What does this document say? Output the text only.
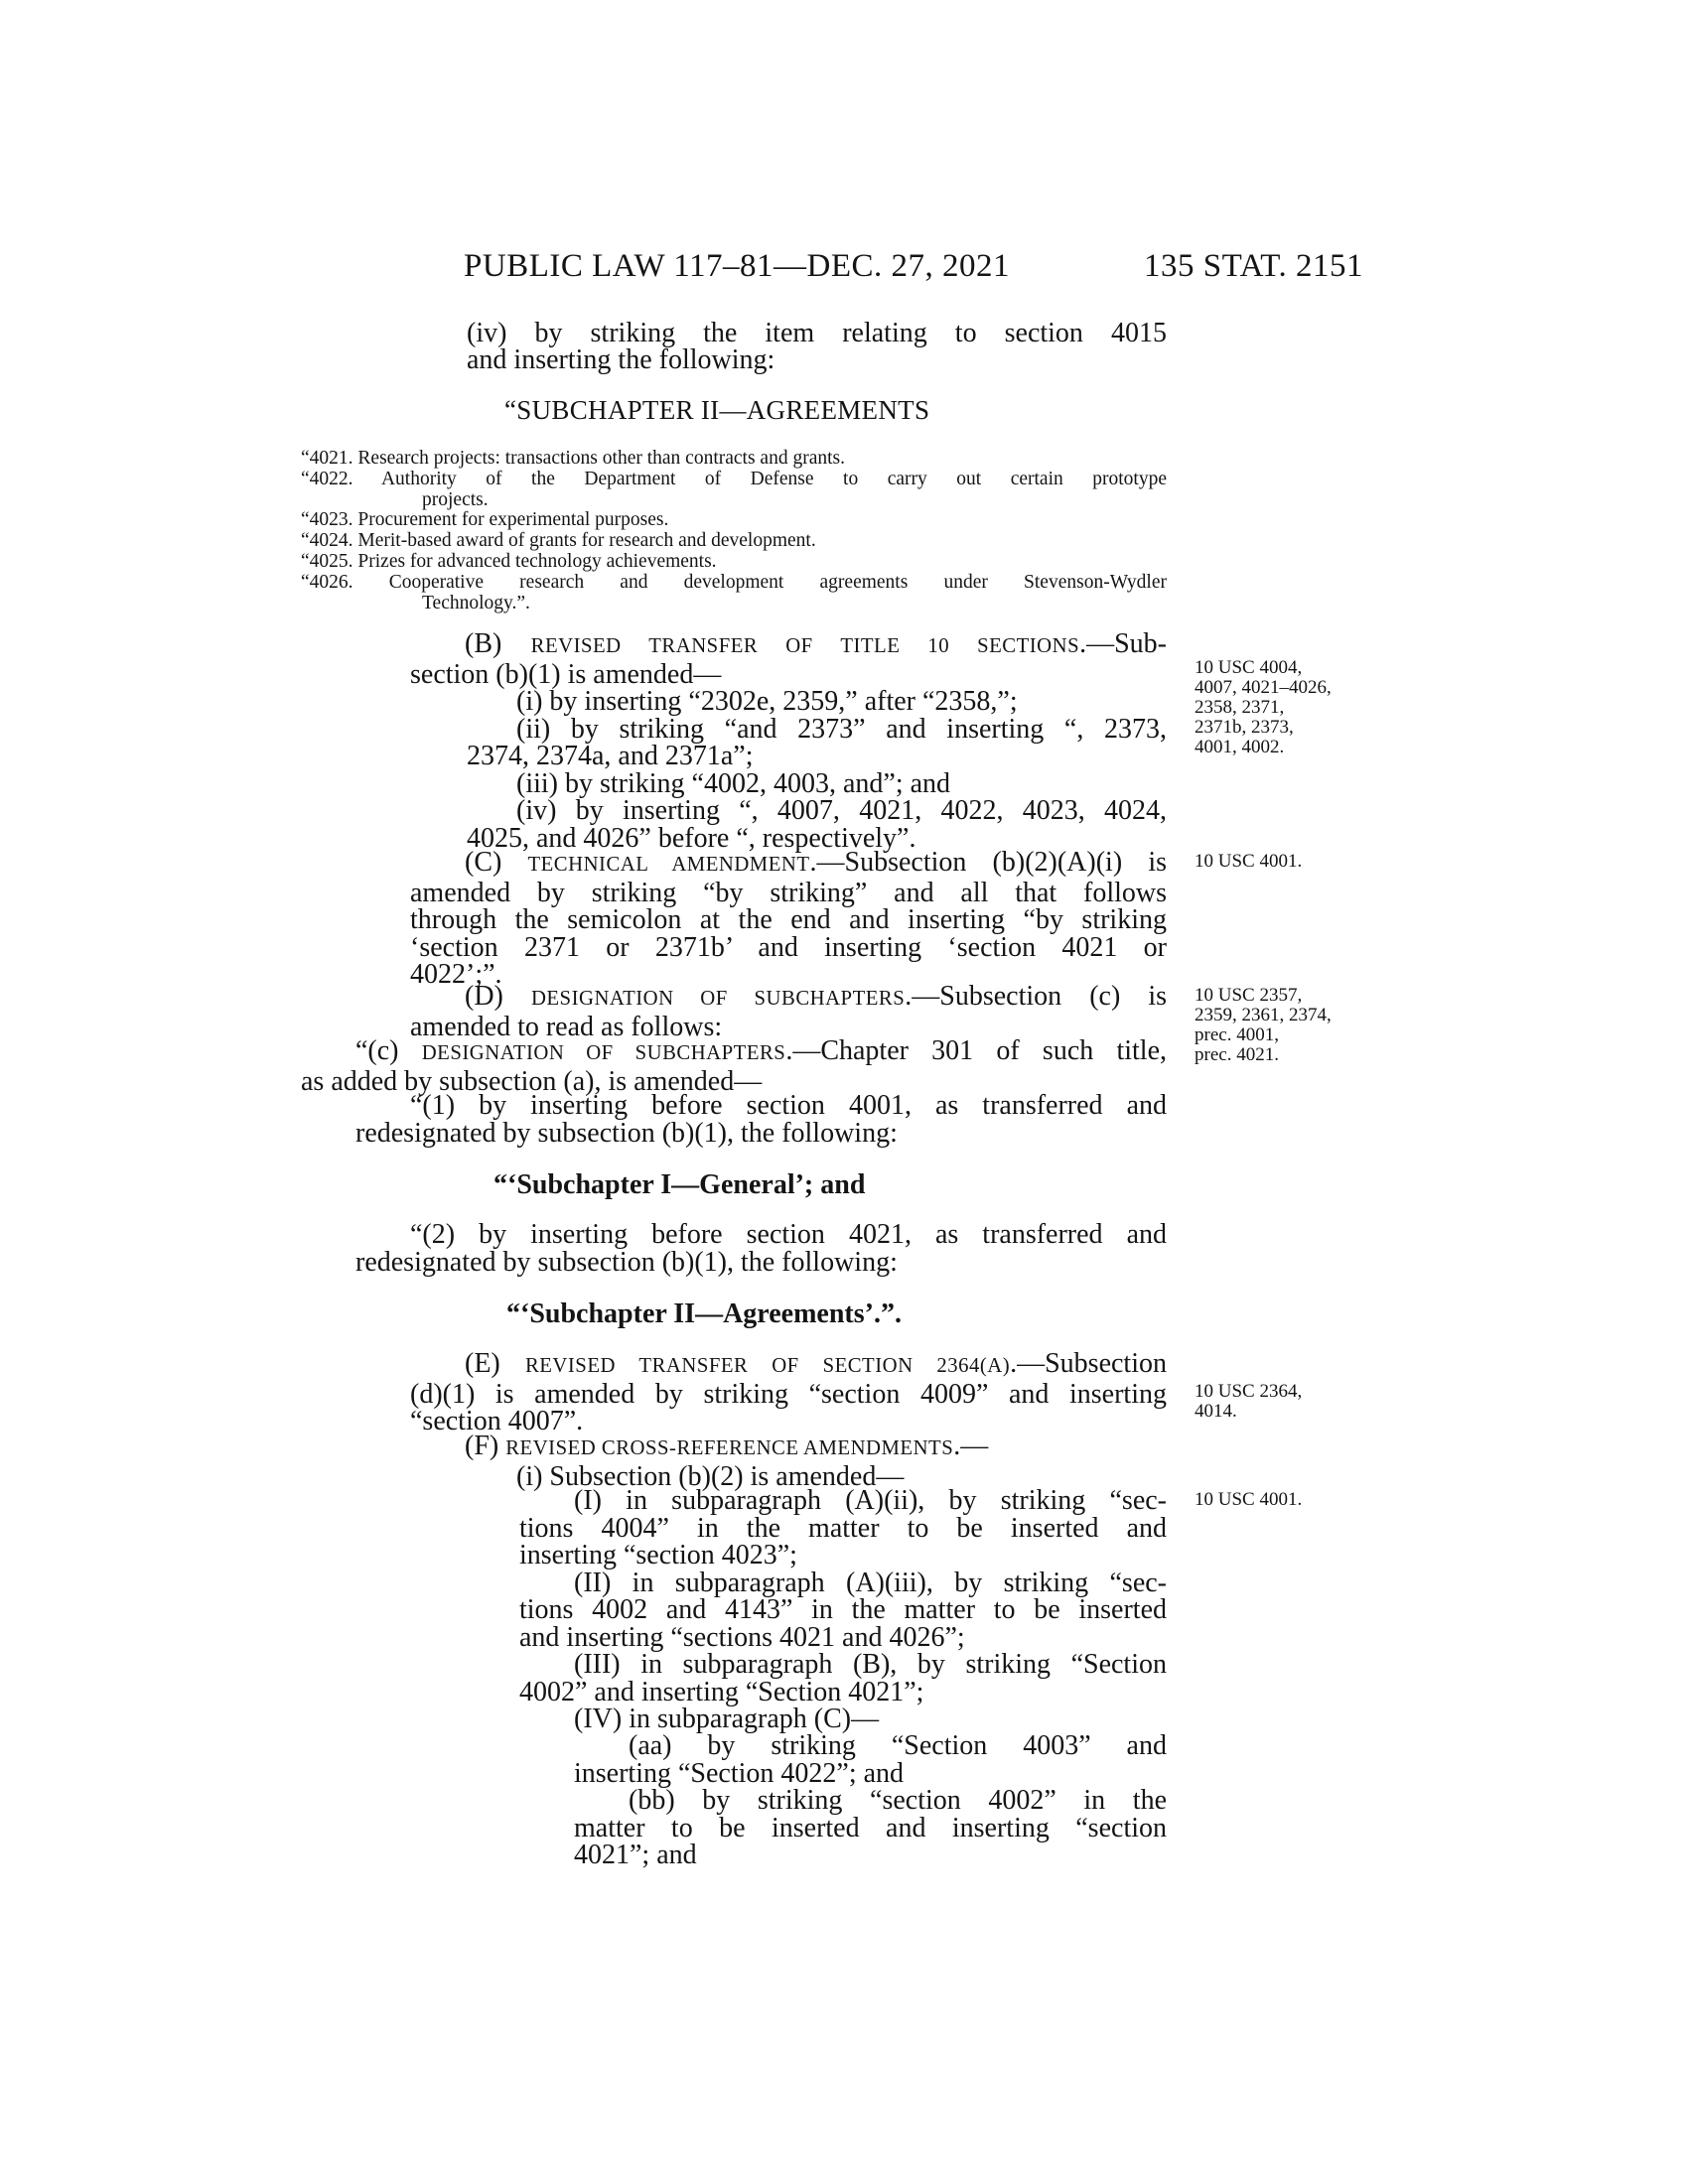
PUBLIC LAW 117–81—DEC. 27, 2021	135 STAT. 2151
(iv) by striking the item relating to section 4015
and inserting the following:
“SUBCHAPTER II—AGREEMENTS
“4021. Research projects: transactions other than contracts and grants.
“4022. Authority of the Department of Defense to carry out certain prototype
projects.
“4023. Procurement for experimental purposes.
“4024. Merit-based award of grants for research and development.
“4025. Prizes for advanced technology achievements.
“4026. Cooperative research and development agreements under Stevenson-Wydler
Technology.”.
(B) REVISED TRANSFER OF TITLE 10 SECTIONS.—Sub-
section (b)(1) is amended—
(i) by inserting “2302e, 2359,” after “2358,”;
(ii) by striking “and 2373” and inserting “, 2373,
2374, 2374a, and 2371a”;
(iii) by striking “4002, 4003, and”; and
(iv) by inserting “, 4007, 4021, 4022, 4023, 4024,
4025, and 4026” before “, respectively”.
(C) TECHNICAL AMENDMENT.—Subsection (b)(2)(A)(i) is
amended by striking “by striking” and all that follows
through the semicolon at the end and inserting “by striking
‘section 2371 or 2371b’ and inserting ‘section 4021 or
4022’;”.
(D) DESIGNATION OF SUBCHAPTERS.—Subsection (c) is
amended to read as follows:
“(c) DESIGNATION OF SUBCHAPTERS.—Chapter 301 of such title,
as added by subsection (a), is amended—
“(1) by inserting before section 4001, as transferred and
redesignated by subsection (b)(1), the following:
“‘Subchapter I—General’; and
“(2) by inserting before section 4021, as transferred and
redesignated by subsection (b)(1), the following:
“‘Subchapter II—Agreements’.”.
(E) REVISED TRANSFER OF SECTION 2364(A).—Subsection
(d)(1) is amended by striking “section 4009” and inserting
“section 4007”.
(F) REVISED CROSS-REFERENCE AMENDMENTS.—
(i) Subsection (b)(2) is amended—
(I) in subparagraph (A)(ii), by striking “sec-
tions 4004” in the matter to be inserted and
inserting “section 4023”;
(II) in subparagraph (A)(iii), by striking “sec-
tions 4002 and 4143” in the matter to be inserted
and inserting “sections 4021 and 4026”;
(III) in subparagraph (B), by striking “Section
4002” and inserting “Section 4021”;
(IV) in subparagraph (C)—
(aa) by striking “Section 4003” and
inserting “Section 4022”; and
(bb) by striking “section 4002” in the
matter to be inserted and inserting “section
4021”; and
10 USC 4004,
4007, 4021–4026,
2358, 2371,
2371b, 2373,
4001, 4002.
10 USC 4001.
10 USC 2357,
2359, 2361, 2374,
prec. 4001,
prec. 4021.
10 USC 2364,
4014.
10 USC 4001.
